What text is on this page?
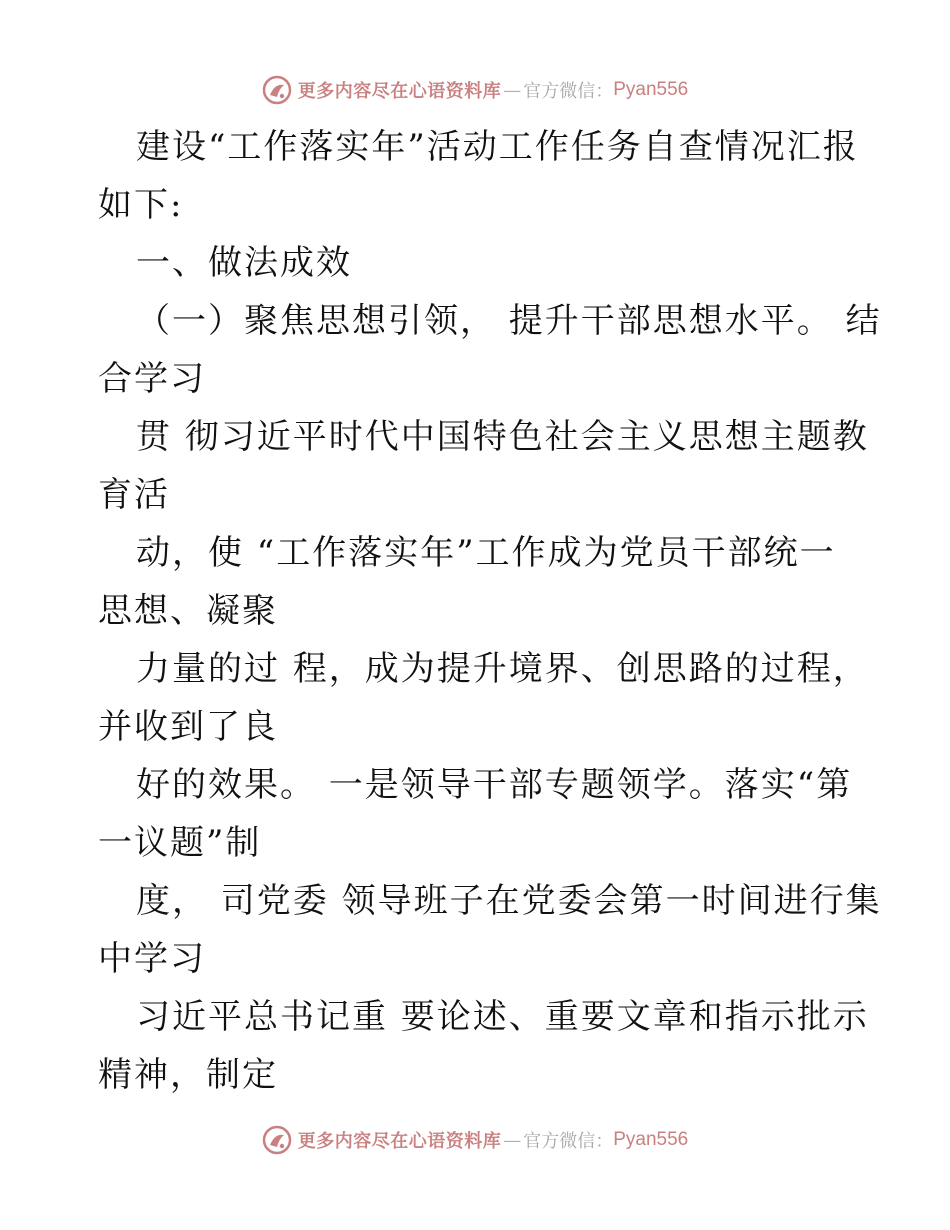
更多内容尽在心语资料库 — 官方微信： Pyan556
建设“工作落实年”活动工作任务自查情况汇报
如下:
一、做法成效
（一）聚焦思想引领， 提升干部思想水平。 结
合学习
贯 彻习近平时代中国特色社会主义思想主题教
育活
动，使 “工作落实年”工作成为党员干部统一
思想、凝聚
力量的过 程，成为提升境界、创思路的过程，
并收到了良
好的效果。 一是领导干部专题领学。落实“第
一议题”制
度， 司党委 领导班子在党委会第一时间进行集
中学习
习近平总书记重 要论述、重要文章和指示批示
精神，制定
更多内容尽在心语资料库 — 官方微信： Pyan556
